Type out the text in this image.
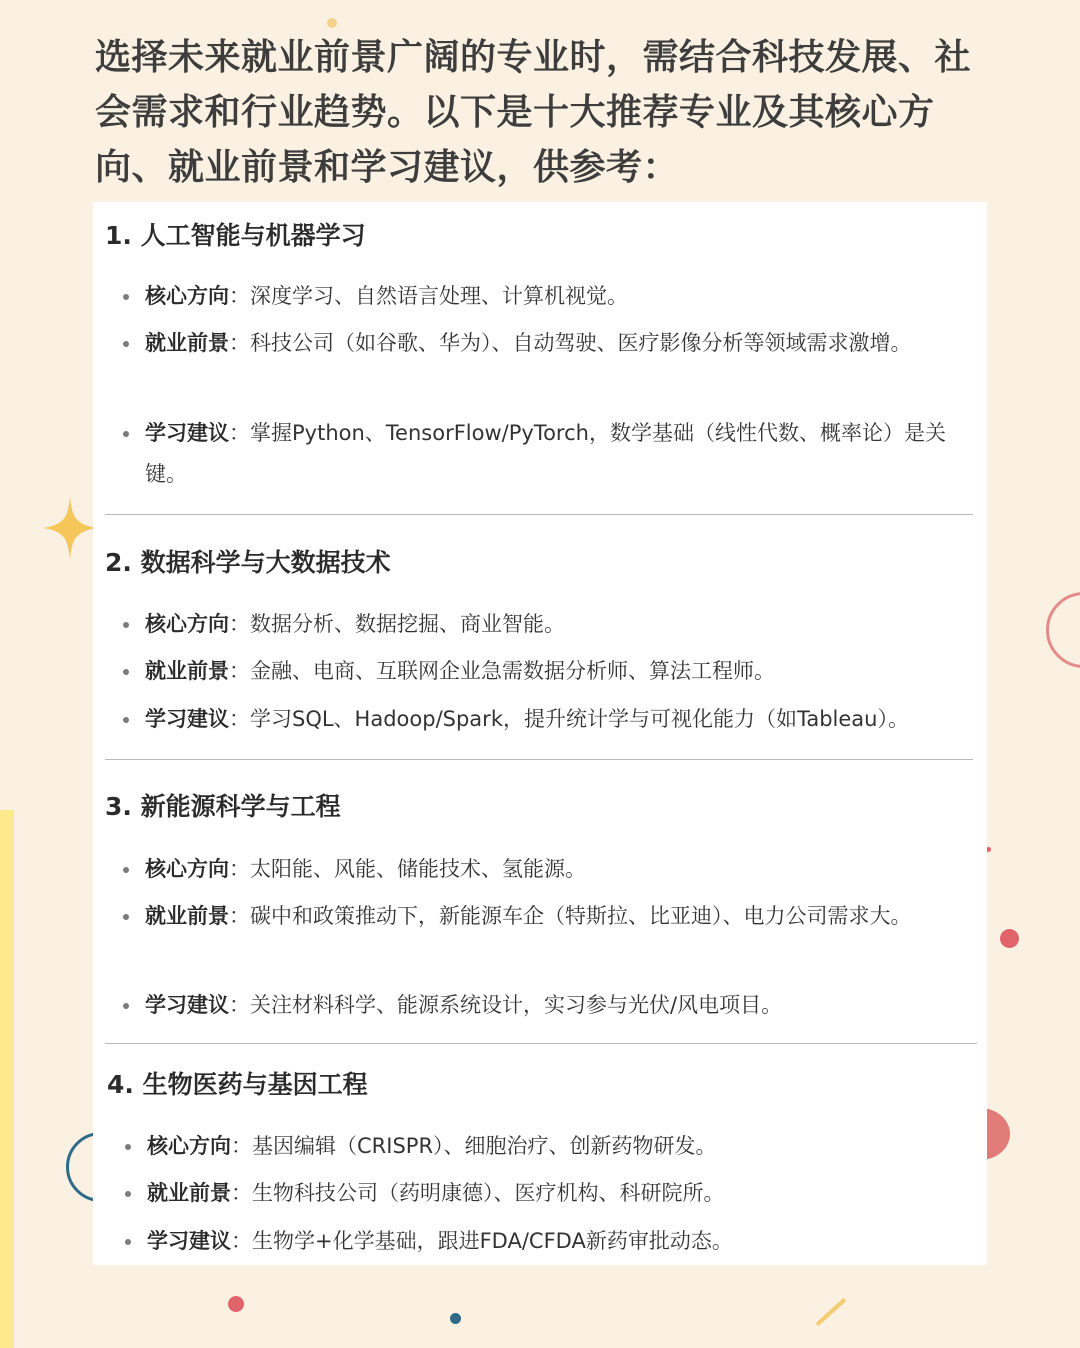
选择未来就业前景广阔的专业时，需结合科技发展、社会需求和行业趋势。以下是十大推荐专业及其核心方向、就业前景和学习建议，供参考：

1. 人工智能与机器学习
核心方向：深度学习、自然语言处理、计算机视觉。
就业前景：科技公司（如谷歌、华为）、自动驾驶、医疗影像分析等领域需求激增。
学习建议：掌握Python、TensorFlow/PyTorch，数学基础（线性代数、概率论）是关键。
2. 数据科学与大数据技术
核心方向：数据分析、数据挖掘、商业智能。
就业前景：金融、电商、互联网企业急需数据分析师、算法工程师。
学习建议：学习SQL、Hadoop/Spark，提升统计学与可视化能力（如Tableau）。
3. 新能源科学与工程
核心方向：太阳能、风能、储能技术、氢能源。
就业前景：碳中和政策推动下，新能源车企（特斯拉、比亚迪）、电力公司需求大。
学习建议：关注材料科学、能源系统设计，实习参与光伏/风电项目。
4. 生物医药与基因工程
核心方向：基因编辑（CRISPR）、细胞治疗、创新药物研发。
就业前景：生物科技公司（药明康德）、医疗机构、科研院所。
学习建议：生物学+化学基础，跟进FDA/CFDA新药审批动态。
